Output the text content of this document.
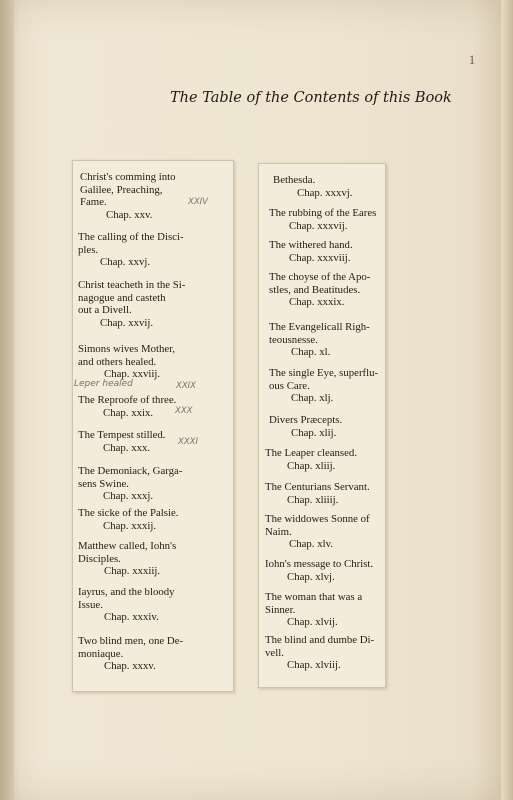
1
The Table of the Contents of this Book
Christ's comming into
Galilee, Preaching,
Fame.
Chap. xxv.
The calling of the Disci-
ples.
Chap. xxvj.
Christ teacheth in the Si-
nagogue and casteth
out a Divell.
Chap. xxvij.
Simons wives Mother,
and others healed.
Chap. xxviij.
The Reproofe of three.
Chap. xxix.
The Tempest stilled.
Chap. xxx.
The Demoniack, Garga-
sens Swine.
Chap. xxxj.
The sicke of the Palsie.
Chap. xxxij.
Matthew called, Iohn's
Disciples.
Chap. xxxiij.
Iayrus, and the bloody
Issue.
Chap. xxxiv.
Two blind men, one De-
moniaque.
Chap. xxxv.
Bethesda.
Chap. xxxvj.
The rubbing of the Eares
Chap. xxxvij.
The withered hand.
Chap. xxxviij.
The choyse of the Apo-
stles, and Beatitudes.
Chap. xxxix.
The Evangelicall Righ-
teousnesse.
Chap. xl.
The single Eye, superflu-
ous Care.
Chap. xlj.
Divers Præcepts.
Chap. xlij.
The Leaper cleansed.
Chap. xliij.
The Centurians Servant.
Chap. xliiij.
The widdowes Sonne of
Naim.
Chap. xlv.
Iohn's message to Christ.
Chap. xlvj.
The woman that was a
Sinner.
Chap. xlvij.
The blind and dumbe Di-
vell.
Chap. xlviij.
XXIV
Leper healed	XXIX
XXX
XXXI
